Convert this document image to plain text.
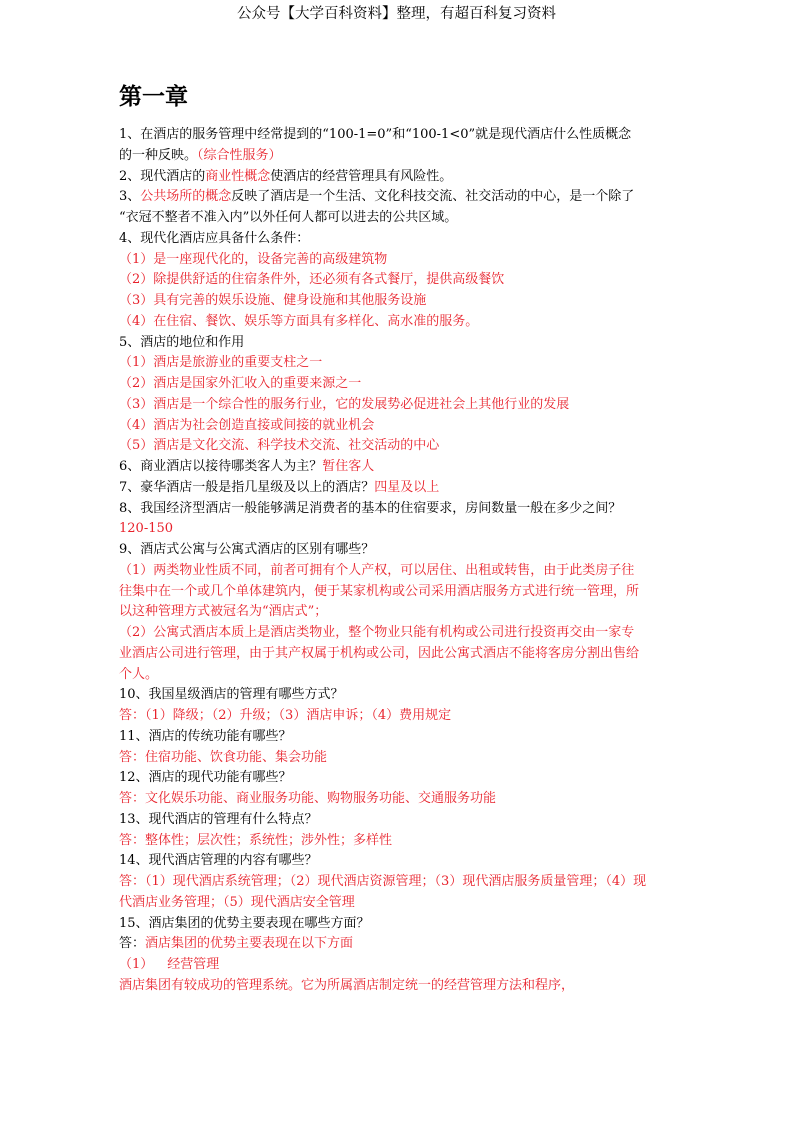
公众号【大学百科资料】整理，有超百科复习资料
第一章

1、在酒店的服务管理中经常提到的“100-1=0”和“100-1<0”就是现代酒店什么性质概念

的一种反映。（综合性服务）

2、现代酒店的商业性概念使酒店的经营管理具有风险性。

3、公共场所的概念反映了酒店是一个生活、文化科技交流、社交活动的中心，是一个除了

“衣冠不整者不准入内”以外任何人都可以进去的公共区域。

4、现代化酒店应具备什么条件：

（1）是一座现代化的，设备完善的高级建筑物

（2）除提供舒适的住宿条件外，还必须有各式餐厅，提供高级餐饮

（3）具有完善的娱乐设施、健身设施和其他服务设施

（4）在住宿、餐饮、娱乐等方面具有多样化、高水准的服务。

5、酒店的地位和作用

（1）酒店是旅游业的重要支柱之一

（2）酒店是国家外汇收入的重要来源之一

（3）酒店是一个综合性的服务行业，它的发展势必促进社会上其他行业的发展

（4）酒店为社会创造直接或间接的就业机会

（5）酒店是文化交流、科学技术交流、社交活动的中心

6、商业酒店以接待哪类客人为主？暂住客人

7、豪华酒店一般是指几星级及以上的酒店？四星及以上

8、我国经济型酒店一般能够满足消费者的基本的住宿要求，房间数量一般在多少之间？

120-150

9、酒店式公寓与公寓式酒店的区别有哪些？

（1）两类物业性质不同，前者可拥有个人产权，可以居住、出租或转售，由于此类房子往

往集中在一个或几个单体建筑内，便于某家机构或公司采用酒店服务方式进行统一管理，所

以这种管理方式被冠名为“酒店式”；

（2）公寓式酒店本质上是酒店类物业，整个物业只能有机构或公司进行投资再交由一家专

业酒店公司进行管理，由于其产权属于机构或公司，因此公寓式酒店不能将客房分割出售给

个人。

10、我国星级酒店的管理有哪些方式？

答：（1）降级；（2）升级；（3）酒店申诉；（4）费用规定

11、酒店的传统功能有哪些？

答：住宿功能、饮食功能、集会功能

12、酒店的现代功能有哪些？

答：文化娱乐功能、商业服务功能、购物服务功能、交通服务功能

13、现代酒店的管理有什么特点？

答：整体性；层次性；系统性；涉外性；多样性

14、现代酒店管理的内容有哪些？

答：（1）现代酒店系统管理；（2）现代酒店资源管理；（3）现代酒店服务质量管理；（4）现

代酒店业务管理；（5）现代酒店安全管理

15、酒店集团的优势主要表现在哪些方面？

答：酒店集团的优势主要表现在以下方面

（1） 经营管理

酒店集团有较成功的管理系统。它为所属酒店制定统一的经营管理方法和程序，
